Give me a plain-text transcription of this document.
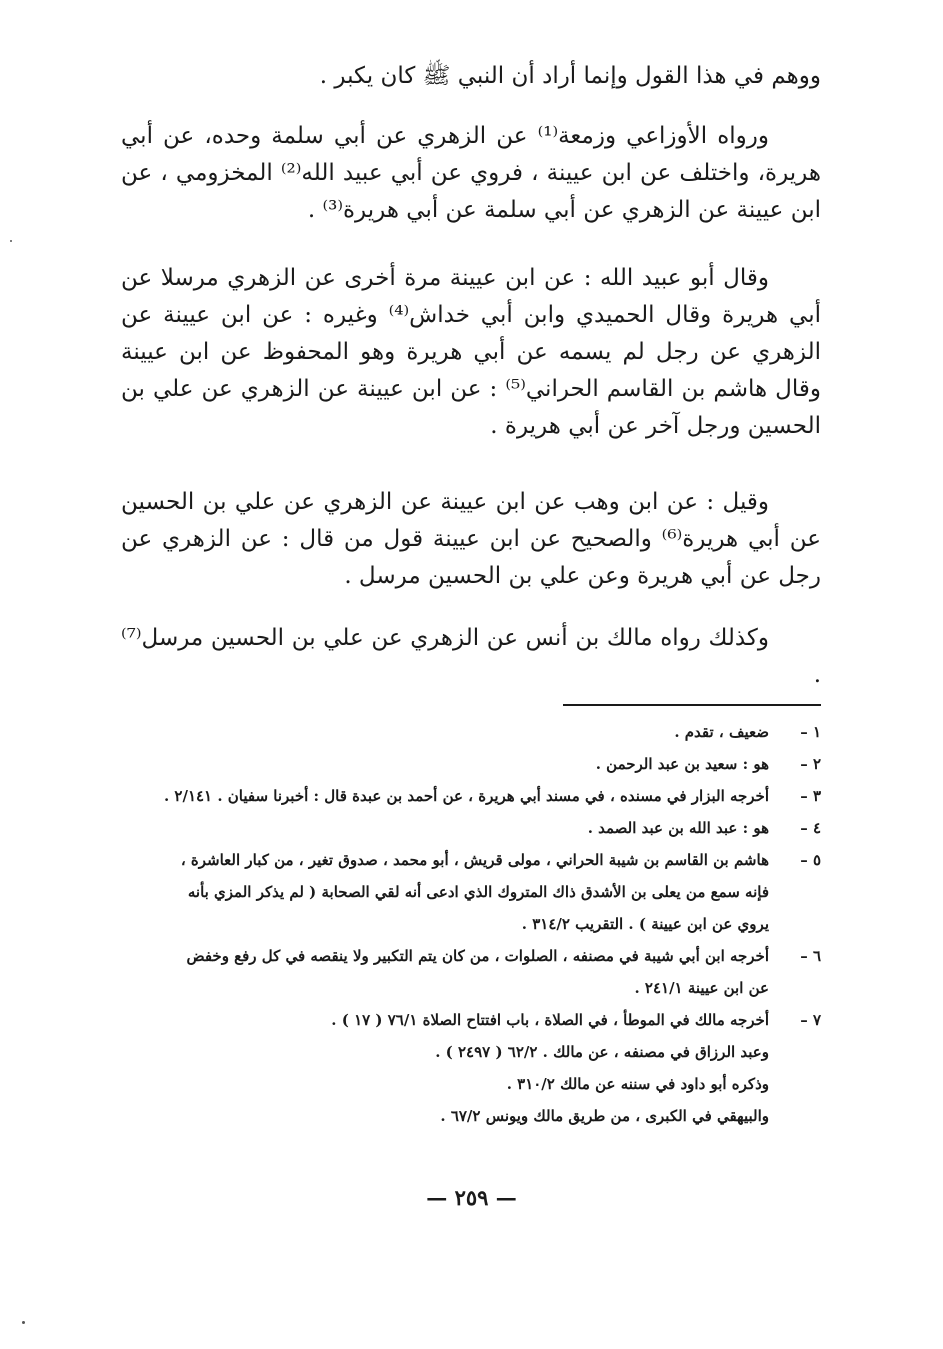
ووهم في هذا القول وإنما أراد أن النبي ﷺ كان يكبر .

ورواه الأوزاعي وزمعة⁽¹⁾ عن الزهري عن أبي سلمة وحده، عن أبي هريرة، واختلف عن ابن عيينة ، فروي عن أبي عبيد الله⁽²⁾ المخزومي ، عن ابن عيينة عن الزهري عن أبي سلمة عن أبي هريرة⁽³⁾ .

وقال أبو عبيد الله : عن ابن عيينة مرة أخرى عن الزهري مرسلا عن أبي هريرة وقال الحميدي وابن أبي خداش⁽⁴⁾ وغيره : عن ابن عيينة عن الزهري عن رجل لم يسمه عن أبي هريرة وهو المحفوظ عن ابن عيينة وقال هاشم بن القاسم الحراني⁽⁵⁾ : عن ابن عيينة عن الزهري عن علي بن الحسين ورجل آخر عن أبي هريرة .

وقيل : عن ابن وهب عن ابن عيينة عن الزهري عن علي بن الحسين عن أبي هريرة⁽⁶⁾ والصحيح عن ابن عيينة قول من قال : عن الزهري عن رجل عن أبي هريرة وعن علي بن الحسين مرسل .

وكذلك رواه مالك بن أنس عن الزهري عن علي بن الحسين مرسل⁽⁷⁾ .

١ –
ضعيف ، تقدم .
٢ –
هو : سعيد بن عبد الرحمن .
٣ –
أخرجه البزار في مسنده ، في مسند أبي هريرة ، عن أحمد بن عبدة قال : أخبرنا سفيان . ٢/١٤١ .
٤ –
هو : عبد الله بن عبد الصمد .
٥ –
هاشم بن القاسم بن شيبة الحراني ، مولى قريش ، أبو محمد ، صدوق تغير ، من كبار العاشرة ،
فإنه سمع من يعلى بن الأشدق ذاك المتروك الذي ادعى أنه لقي الصحابة ( لم يذكر المزي بأنه
يروي عن ابن عيينة ) . التقريب ٣١٤/٢ .
٦ –
أخرجه ابن أبي شيبة في مصنفه ، الصلوات ، من كان يتم التكبير ولا ينقصه في كل رفع وخفض
عن ابن عيينة ٢٤١/١ .
٧ –
أخرجه مالك في الموطأ ، في الصلاة ، باب افتتاح الصلاة ٧٦/١ ( ١٧ ) .
وعبد الرزاق في مصنفه ، عن مالك . ٦٢/٢ ( ٢٤٩٧ ) .
وذكره أبو داود في سننه عن مالك ٣١٠/٢ .
والبيهقي في الكبرى ، من طريق مالك ويونس ٦٧/٢ .
— ٢٥٩ —
